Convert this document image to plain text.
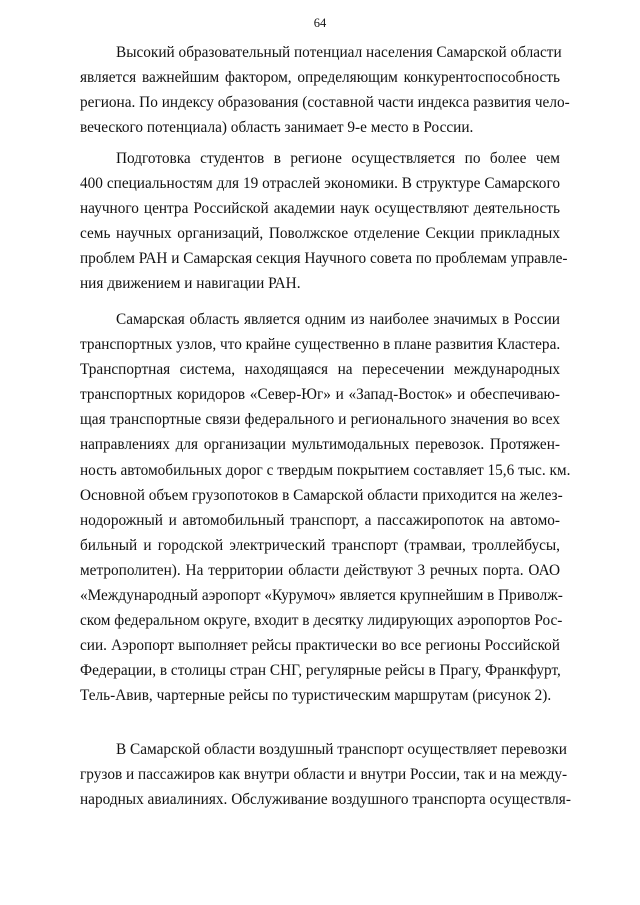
64
Высокий образовательный потенциал населения Самарской области
является важнейшим фактором, определяющим конкурентоспособность
региона. По индексу образования (составной части индекса развития чело-
веческого потенциала) область занимает 9-е место в России.
Подготовка студентов в регионе осуществляется по более чем
400 специальностям для 19 отраслей экономики. В структуре Самарского
научного центра Российской академии наук осуществляют деятельность
семь научных организаций, Поволжское отделение Секции прикладных
проблем РАН и Самарская секция Научного совета по проблемам управле-
ния движением и навигации РАН.
Самарская область является одним из наиболее значимых в России
транспортных узлов, что крайне существенно в плане развития Кластера.
Транспортная система, находящаяся на пересечении международных
транспортных коридоров «Север-Юг» и «Запад-Восток» и обеспечиваю-
щая транспортные связи федерального и регионального значения во всех
направлениях для организации мультимодальных перевозок. Протяжен-
ность автомобильных дорог с твердым покрытием составляет 15,6 тыс. км.
Основной объем грузопотоков в Самарской области приходится на желез-
нодорожный и автомобильный транспорт, а пассажиропоток на автомо-
бильный и городской электрический транспорт (трамваи, троллейбусы,
метрополитен). На территории области действуют 3 речных порта. ОАО
«Международный аэропорт «Курумоч» является крупнейшим в Приволж-
ском федеральном округе, входит в десятку лидирующих аэропортов Рос-
сии. Аэропорт выполняет рейсы практически во все регионы Российской
Федерации, в столицы стран СНГ, регулярные рейсы в Прагу, Франкфурт,
Тель-Авив, чартерные рейсы по туристическим маршрутам (рисунок 2).
В Самарской области воздушный транспорт осуществляет перевозки
грузов и пассажиров как внутри области и внутри России, так и на между-
народных авиалиниях. Обслуживание воздушного транспорта осуществля-
